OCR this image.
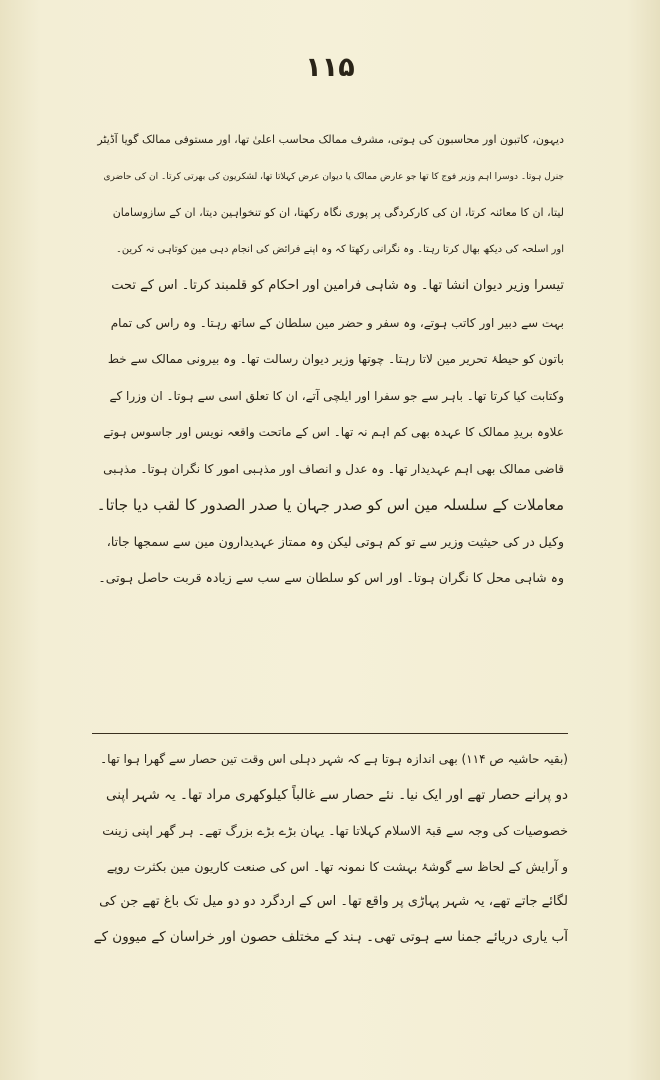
۱۱۵
دیہون، کاتبون اور محاسبون کی ہوتی، مشرف ممالک محاسب اعلیٰ تھا، اور مستوفی ممالک گویا آڈیٹر
جنرل ہوتا۔ دوسرا اہم وزیر فوج کا تھا جو عارض ممالک یا دیوان عرض کہلاتا تھا، لشکریون کی بھرتی کرتا۔ ان کی حاضری
لیتا، ان کا معائنہ کرتا، ان کی کارکردگی پر پوری نگاہ رکھتا، ان کو تنخواہین دیتا، ان کے سازوسامان
اور اسلحہ کی دیکھ بھال کرتا رہتا۔ وہ نگرانی رکھتا کہ وہ اپنے فرائض کی انجام دہی مین کوتاہی نہ کرین۔
تیسرا وزیر دیوان انشا تھا۔ وہ شاہی فرامین اور احکام کو قلمبند کرتا۔ اس کے تحت
بہت سے دبیر اور کاتب ہوتے، وہ سفر و حضر مین سلطان کے ساتھ رہتا۔ وہ راس کی تمام
باتون کو حیطۂ تحریر مین لاتا رہتا۔ چوتھا وزیر دیوان رسالت تھا۔ وہ بیرونی ممالک سے خط
وکتابت کیا کرتا تھا۔ باہر سے جو سفرا اور ایلچی آتے، ان کا تعلق اسی سے ہوتا۔ ان وزرا کے
علاوہ بریدِ ممالک کا عہدہ بھی کم اہم نہ تھا۔ اس کے ماتحت واقعہ نویس اور جاسوس ہوتے
قاضی ممالک بھی اہم عہدیدار تھا۔ وہ عدل و انصاف اور مذہبی امور کا نگران ہوتا۔ مذہبی
معاملات کے سلسلہ مین اس کو صدر جہان یا صدر الصدور کا لقب دیا جاتا۔
وکیل در کی حیثیت وزیر سے تو کم ہوتی لیکن وہ ممتاز عہدیدارون مین سے سمجھا جاتا،
وہ شاہی محل کا نگران ہوتا۔ اور اس کو سلطان سے سب سے زیادہ قربت حاصل ہوتی۔
(بقیہ حاشیہ ص ۱۱۴) بھی اندازہ ہوتا ہے کہ شہر دہلی اس وقت تین حصار سے گھرا ہوا تھا۔
دو پرانے حصار تھے اور ایک نیا۔ نئے حصار سے غالباً کیلوکھری مراد تھا۔ یہ شہر اپنی
خصوصیات کی وجہ سے قبۃ الاسلام کہلاتا تھا۔ یہان بڑے بڑے بزرگ تھے۔ ہر گھر اپنی زینت
و آرایش کے لحاظ سے گوشۂ بہشت کا نمونہ تھا۔ اس کی صنعت کاریون مین بکثرت روپے
لگائے جاتے تھے، یہ شہر پہاڑی پر واقع تھا۔ اس کے اردگرد دو دو میل تک باغ تھے جن کی
آب یاری دریائے جمنا سے ہوتی تھی۔ ہند کے مختلف حصون اور خراسان کے میوون کے
